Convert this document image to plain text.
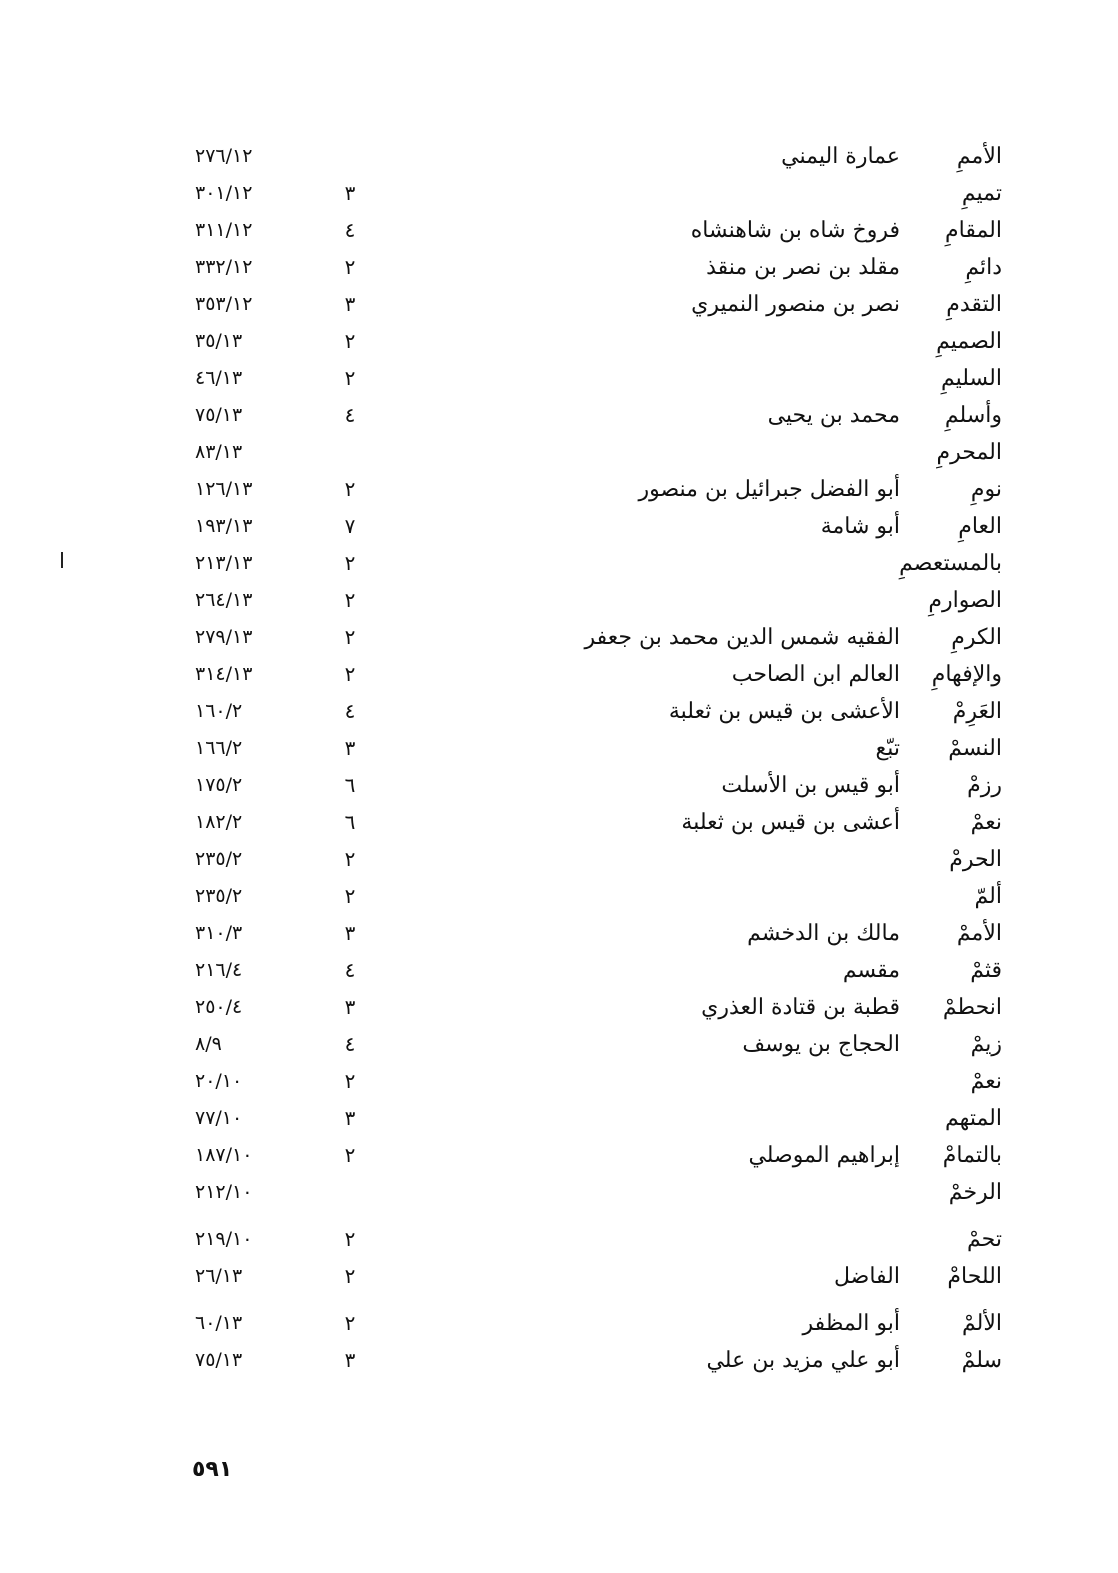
الأممِ
عمارة اليمني
٢٧٦/١٢
تميمِ
٣
٣٠١/١٢
المقامِ
فروخ شاه بن شاهنشاه
٤
٣١١/١٢
دائمِ
مقلد بن نصر بن منقذ
٢
٣٣٢/١٢
التقدمِ
نصر بن منصور النميري
٣
٣٥٣/١٢
الصميمِ
٢
٣٥/١٣
السليمِ
٢
٤٦/١٣
وأسلمِ
محمد بن يحيى
٤
٧٥/١٣
المحرمِ
٨٣/١٣
نومِ
أبو الفضل جبرائيل بن منصور
٢
١٢٦/١٣
العامِ
أبو شامة
٧
١٩٣/١٣
بالمستعصمِ
٢
٢١٣/١٣
الصوارمِ
٢
٢٦٤/١٣
الكرمِ
الفقيه شمس الدين محمد بن جعفر
٢
٢٧٩/١٣
والإفهامِ
العالم ابن الصاحب
٢
٣١٤/١٣
العَرِمْ
الأعشى بن قيس بن ثعلبة
٤
١٦٠/٢
النسمْ
تبّع
٣
١٦٦/٢
رزمْ
أبو قيس بن الأسلت
٦
١٧٥/٢
نعمْ
أعشى بن قيس بن ثعلبة
٦
١٨٢/٢
الحرمْ
٢
٢٣٥/٢
ألمّ
٢
٢٣٥/٢
الأممْ
مالك بن الدخشم
٣
٣١٠/٣
قثمْ
مقسم
٤
٢١٦/٤
انحطمْ
قطبة بن قتادة العذري
٣
٢٥٠/٤
زيمْ
الحجاج بن يوسف
٤
٨/٩
نعمْ
٢
٢٠/١٠
المتهم
٣
٧٧/١٠
بالتمامْ
إبراهيم الموصلي
٢
١٨٧/١٠
الرخمْ
٢١٢/١٠
تحمْ
٢
٢١٩/١٠
اللحامْ
الفاضل
٢
٢٦/١٣
الألمْ
أبو المظفر
٢
٦٠/١٣
سلمْ
أبو علي مزيد بن علي
٣
٧٥/١٣
٥٩١
